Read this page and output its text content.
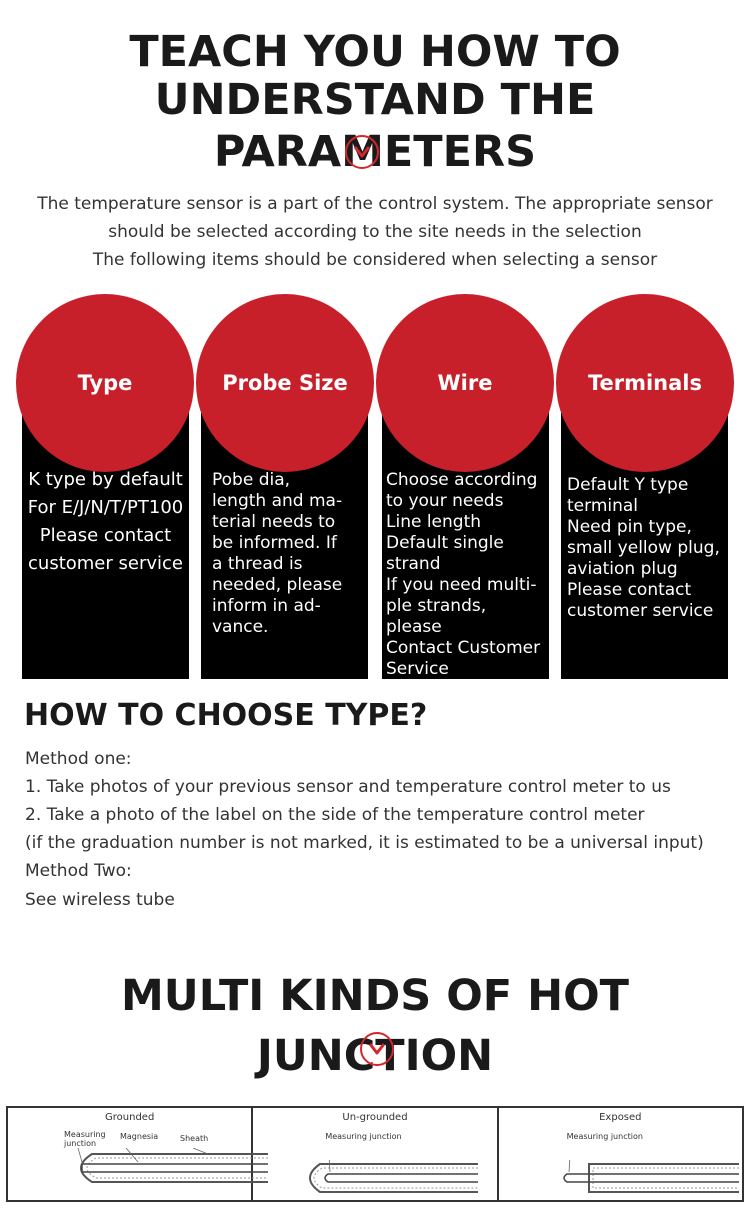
TEACH YOU HOW TO
UNDERSTAND THE PARAMETERS
The temperature sensor is a part of the control system. The appropriate sensor
should be selected according to the site needs in the selection
The following items should be considered when selecting a sensor
Type	Probe Size	Wire	Terminals
K type by default
For E/J/N/T/PT100
Please contact
customer service
Pobe dia,
length and ma-
terial needs to
be informed. If
a thread is
needed, please
inform in ad-
vance.
Choose according
to your needs
Line length
Default single
strand
If you need multi-
ple strands,
please
Contact Customer
Service
Default Y type
terminal
Need pin type,
small yellow plug,
aviation plug
Please contact
customer service
HOW TO CHOOSE TYPE?
Method one:
1. Take photos of your previous sensor and temperature control meter to us
2. Take a photo of the label on the side of the temperature control meter
(if the graduation number is not marked, it is estimated to be a universal input)
Method Two:
See wireless tube
MULTI KINDS OF HOT JUNCTION
Grounded
Measuring junction
Magnesia	Sheath
Un-grounded
Measuring junction
Exposed
Measuring junction
